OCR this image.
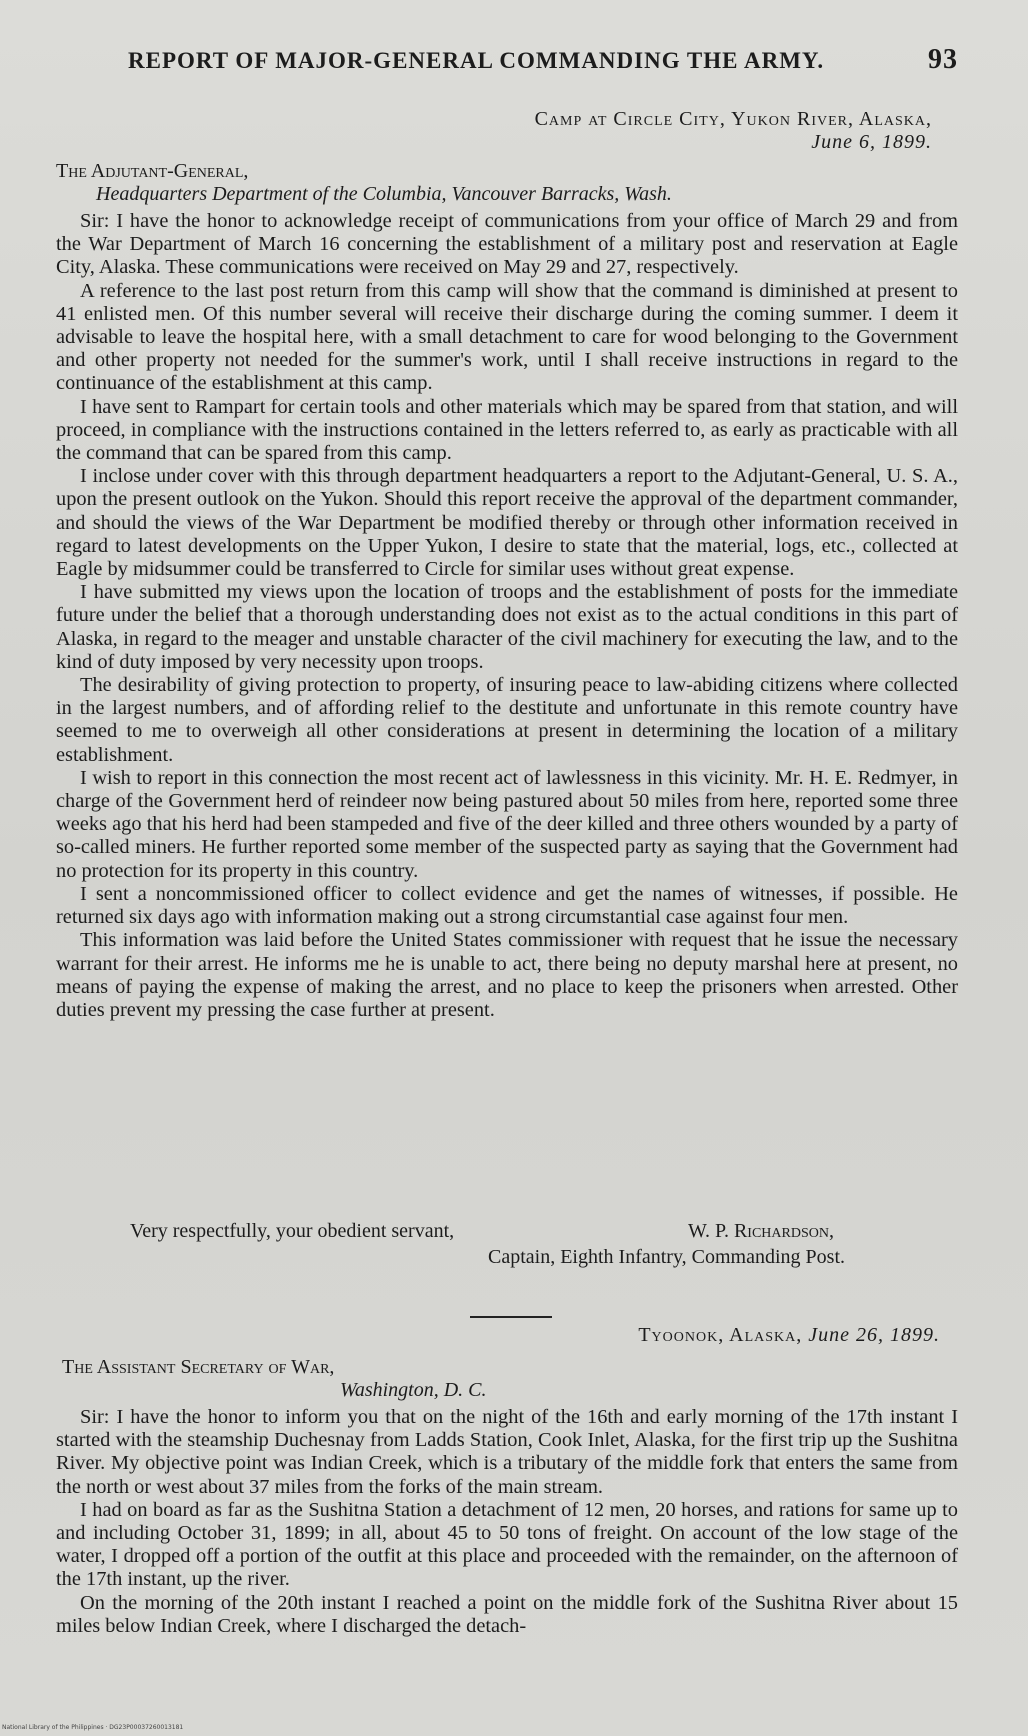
REPORT OF MAJOR-GENERAL COMMANDING THE ARMY.	93
Camp at Circle City, Yukon River, Alaska,
June 6, 1899.
The Adjutant-General,
Headquarters Department of the Columbia, Vancouver Barracks, Wash.

Sir: I have the honor to acknowledge receipt of communications from your office of March 29 and from the War Department of March 16 concerning the establishment of a military post and reservation at Eagle City, Alaska. These communications were received on May 29 and 27, respectively.

A reference to the last post return from this camp will show that the command is diminished at present to 41 enlisted men. Of this number several will receive their discharge during the coming summer. I deem it advisable to leave the hospital here, with a small detachment to care for wood belonging to the Government and other property not needed for the summer's work, until I shall receive instructions in regard to the continuance of the establishment at this camp.

I have sent to Rampart for certain tools and other materials which may be spared from that station, and will proceed, in compliance with the instructions contained in the letters referred to, as early as practicable with all the command that can be spared from this camp.

I inclose under cover with this through department headquarters a report to the Adjutant-General, U. S. A., upon the present outlook on the Yukon. Should this report receive the approval of the department commander, and should the views of the War Department be modified thereby or through other information received in regard to latest developments on the Upper Yukon, I desire to state that the material, logs, etc., collected at Eagle by midsummer could be transferred to Circle for similar uses without great expense.

I have submitted my views upon the location of troops and the establishment of posts for the immediate future under the belief that a thorough understanding does not exist as to the actual conditions in this part of Alaska, in regard to the meager and unstable character of the civil machinery for executing the law, and to the kind of duty imposed by very necessity upon troops.

The desirability of giving protection to property, of insuring peace to law-abiding citizens where collected in the largest numbers, and of affording relief to the destitute and unfortunate in this remote country have seemed to me to overweigh all other considerations at present in determining the location of a military establishment.

I wish to report in this connection the most recent act of lawlessness in this vicinity. Mr. H. E. Redmyer, in charge of the Government herd of reindeer now being pastured about 50 miles from here, reported some three weeks ago that his herd had been stampeded and five of the deer killed and three others wounded by a party of so-called miners. He further reported some member of the suspected party as saying that the Government had no protection for its property in this country.

I sent a noncommissioned officer to collect evidence and get the names of witnesses, if possible. He returned six days ago with information making out a strong circumstantial case against four men.

This information was laid before the United States commissioner with request that he issue the necessary warrant for their arrest. He informs me he is unable to act, there being no deputy marshal here at present, no means of paying the expense of making the arrest, and no place to keep the prisoners when arrested. Other duties prevent my pressing the case further at present.

Very respectfully, your obedient servant,	W. P. Richardson,
Captain, Eighth Infantry, Commanding Post.
Tyoonok, Alaska, June 26, 1899.
The Assistant Secretary of War,
Washington, D. C.

Sir: I have the honor to inform you that on the night of the 16th and early morning of the 17th instant I started with the steamship Duchesnay from Ladds Station, Cook Inlet, Alaska, for the first trip up the Sushitna River. My objective point was Indian Creek, which is a tributary of the middle fork that enters the same from the north or west about 37 miles from the forks of the main stream.

I had on board as far as the Sushitna Station a detachment of 12 men, 20 horses, and rations for same up to and including October 31, 1899; in all, about 45 to 50 tons of freight. On account of the low stage of the water, I dropped off a portion of the outfit at this place and proceeded with the remainder, on the afternoon of the 17th instant, up the river.

On the morning of the 20th instant I reached a point on the middle fork of the Sushitna River about 15 miles below Indian Creek, where I discharged the detach-

National Library of the Philippines · DG23P00037260013181
